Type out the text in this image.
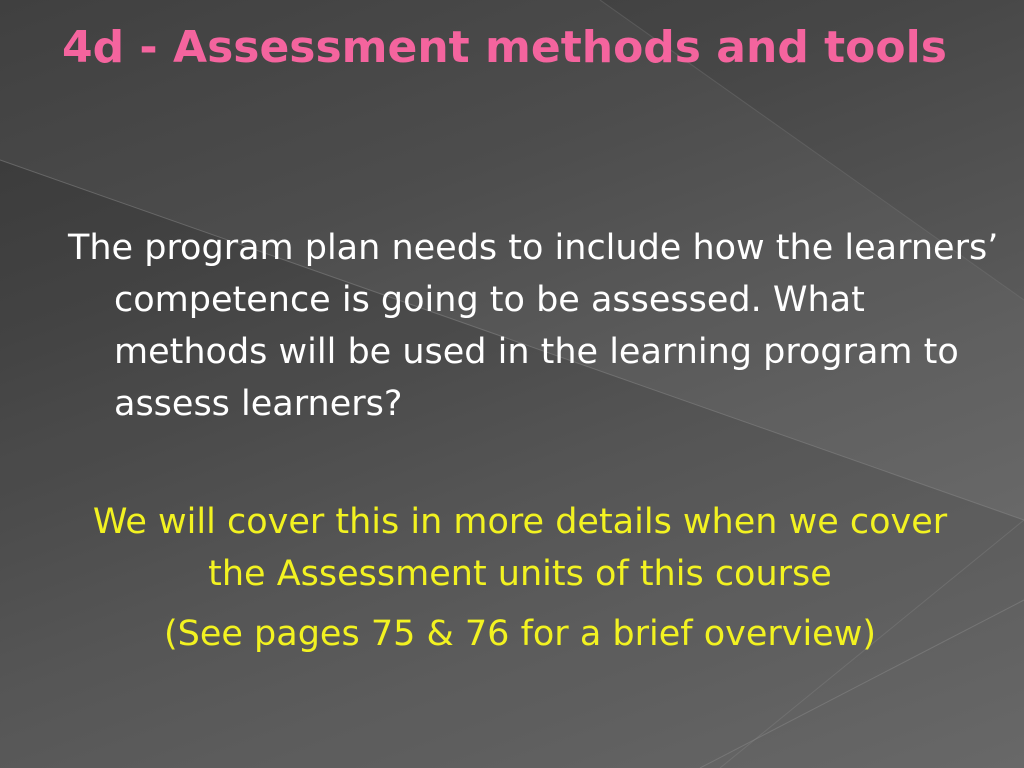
4d - Assessment methods and tools

The program plan needs to include how the learners’ competence is going to be assessed. What methods will be used in the learning program to assess learners?

We will cover this in more details when we cover the Assessment units of this course

(See pages 75 & 76 for a brief overview)
